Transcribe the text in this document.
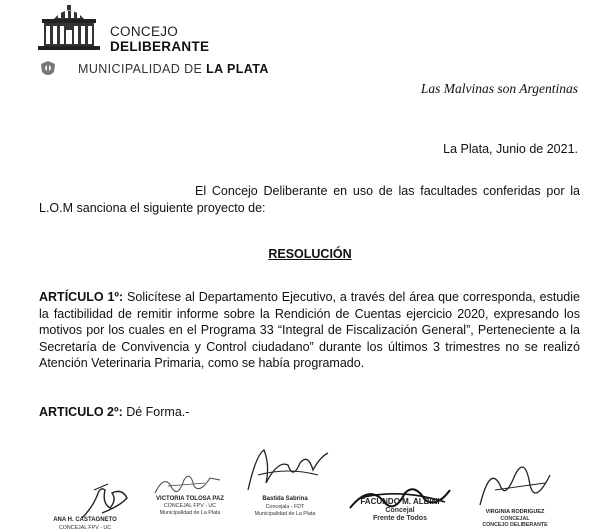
CONCEJO
DELIBERANTE
MUNICIPALIDAD DE LA PLATA
Las Malvinas son Argentinas
La Plata, Junio de 2021.
El Concejo Deliberante en uso de las facultades conferidas por la L.O.M sanciona el siguiente proyecto de:
RESOLUCIÓN
ARTÍCULO 1º: Solicítese al Departamento Ejecutivo, a través del área que corresponda, estudie la factibilidad de remitir informe sobre la Rendición de Cuentas ejercicio 2020, expresando los motivos por los cuales en el Programa 33 “Integral de Fiscalización General”, Perteneciente a la Secretaría de Convivencia y Control ciudadano” durante los últimos 3 trimestres no se realizó Atención Veterinaria Primaria, como se había programado.
ARTICULO 2º: Dé Forma.-
ANA H. CASTAGNETO
CONCEJAL FPV - UC
VICTORIA TOLOSA PAZ
CONCEJAL FPV - UC
Municipalidad de La Plata
Bastida Sabrina
Concejala - FDT
Municipalidad de La Plata
FACUNDO M. ALBINI
Concejal
Frente de Todos
VIRGINIA RODRIGUEZ
CONCEJAL
CONCEJO DELIBERANTE
